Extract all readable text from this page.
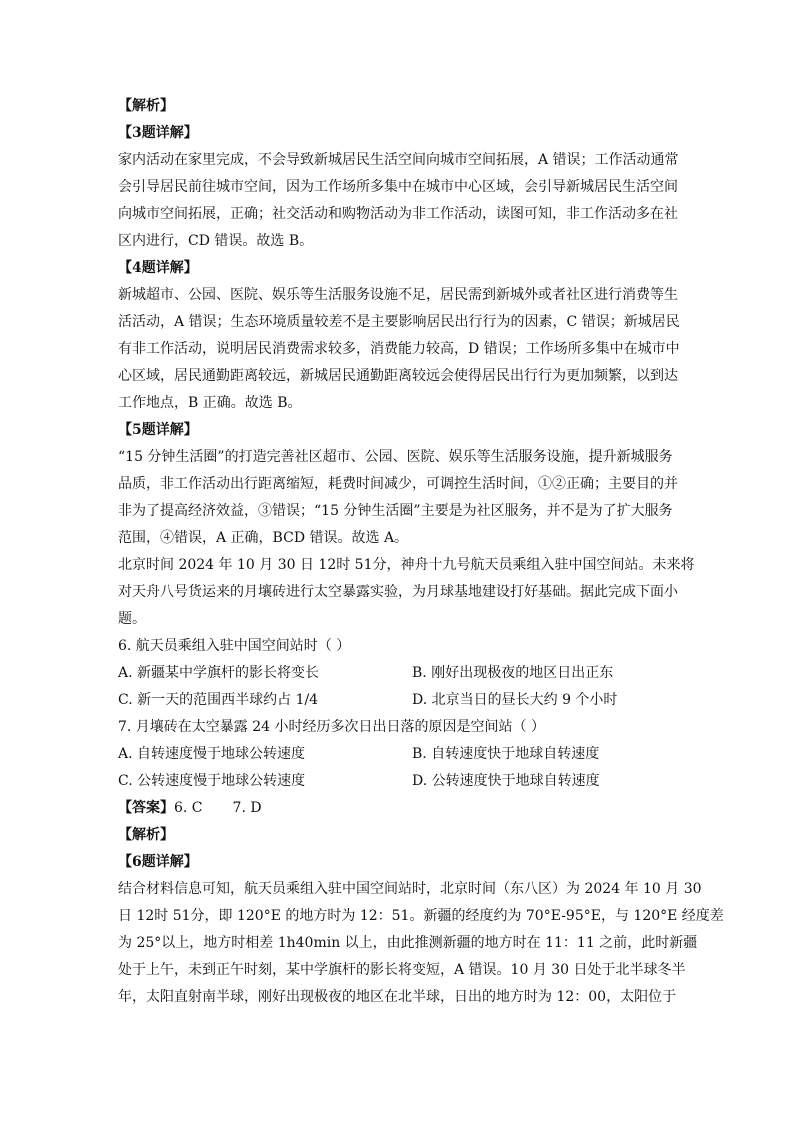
【解析】
【3题详解】
家内活动在家里完成，不会导致新城居民生活空间向城市空间拓展，A 错误；工作活动通常
会引导居民前往城市空间，因为工作场所多集中在城市中心区域，会引导新城居民生活空间
向城市空间拓展，正确；社交活动和购物活动为非工作活动，读图可知，非工作活动多在社
区内进行，CD 错误。故选 B。
【4题详解】
新城超市、公园、医院、娱乐等生活服务设施不足，居民需到新城外或者社区进行消费等生
活活动，A 错误；生态环境质量较差不是主要影响居民出行行为的因素，C 错误；新城居民
有非工作活动，说明居民消费需求较多，消费能力较高，D 错误；工作场所多集中在城市中
心区域，居民通勤距离较远，新城居民通勤距离较远会使得居民出行行为更加频繁，以到达
工作地点，B 正确。故选 B。
【5题详解】
“15 分钟生活圈”的打造完善社区超市、公园、医院、娱乐等生活服务设施，提升新城服务
品质，非工作活动出行距离缩短，耗费时间减少，可调控生活时间，①②正确；主要目的并
非为了提高经济效益，③错误；“15 分钟生活圈”主要是为社区服务，并不是为了扩大服务
范围，④错误，A 正确，BCD 错误。故选 A。
北京时间 2024 年 10 月 30 日 12时 51分，神舟十九号航天员乘组入驻中国空间站。未来将
对天舟八号货运来的月壤砖进行太空暴露实验，为月球基地建设打好基础。据此完成下面小
题。
6. 航天员乘组入驻中国空间站时（ ）
A. 新疆某中学旗杆的影长将变长	B. 刚好出现极夜的地区日出正东
C. 新一天的范围西半球约占 1/4	D. 北京当日的昼长大约 9 个小时
7. 月壤砖在太空暴露 24 小时经历多次日出日落的原因是空间站（ ）
A. 自转速度慢于地球公转速度	B. 自转速度快于地球自转速度
C. 公转速度慢于地球公转速度	D. 公转速度快于地球自转速度
【答案】6. C 7. D
【解析】
【6题详解】
结合材料信息可知，航天员乘组入驻中国空间站时，北京时间（东八区）为 2024 年 10 月 30
日 12时 51分，即 120°E 的地方时为 12：51。新疆的经度约为 70°E-95°E，与 120°E 经度差
为 25°以上，地方时相差 1h40min 以上，由此推测新疆的地方时在 11：11 之前，此时新疆
处于上午，未到正午时刻，某中学旗杆的影长将变短，A 错误。10 月 30 日处于北半球冬半
年，太阳直射南半球，刚好出现极夜的地区在北半球，日出的地方时为 12：00，太阳位于
